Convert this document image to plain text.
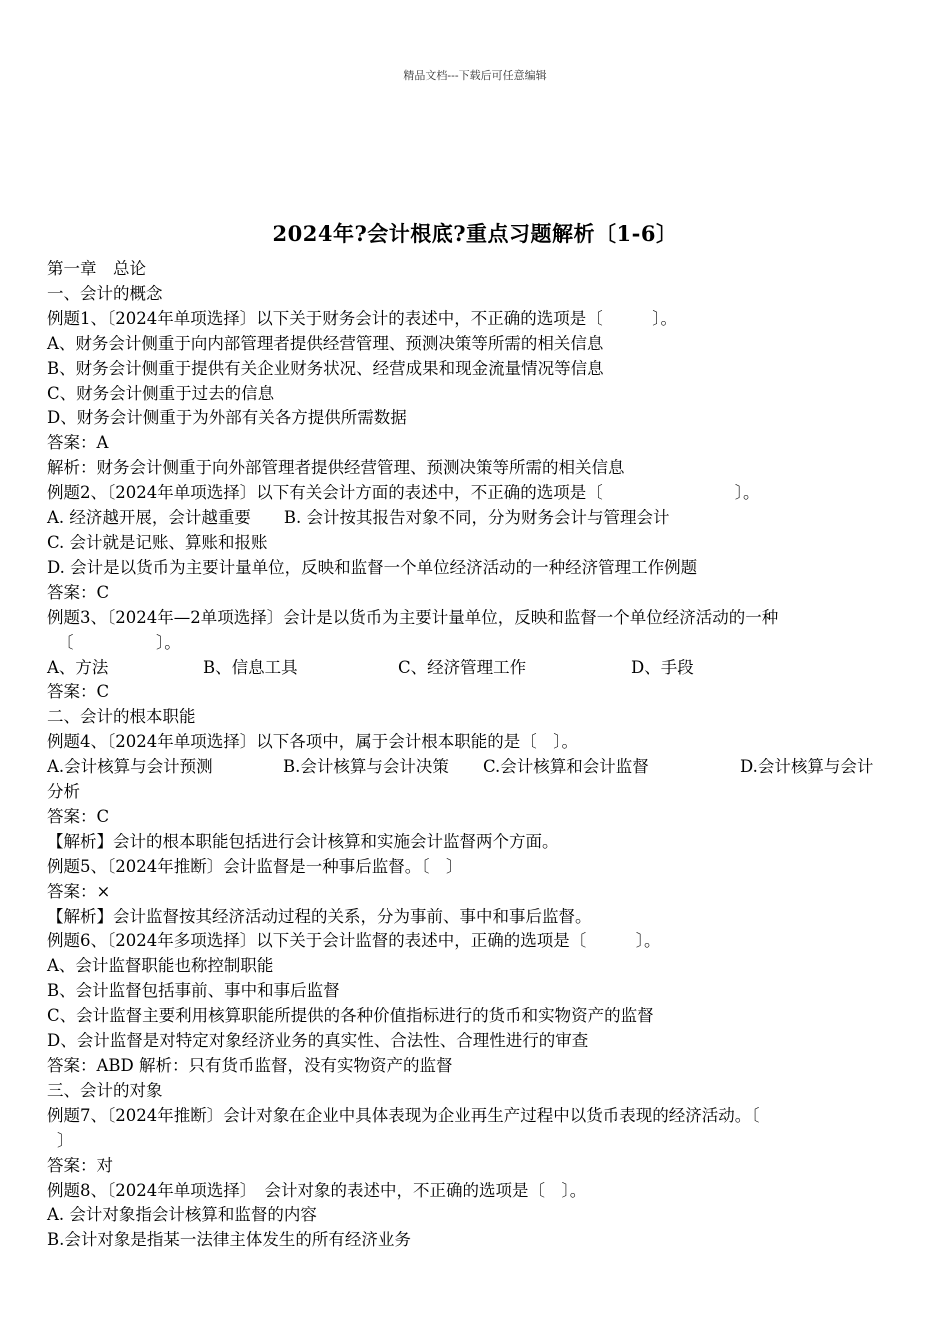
精品文档---下载后可任意编辑
2024年?会计根底?重点习题解析〔1-6〕
第一章　总论
一、会计的概念
例题1、〔2024年单项选择〕以下关于财务会计的表述中，不正确的选项是〔　　　〕。
A、财务会计侧重于向内部管理者提供经营管理、预测决策等所需的相关信息
B、财务会计侧重于提供有关企业财务状况、经营成果和现金流量情况等信息
C、财务会计侧重于过去的信息
D、财务会计侧重于为外部有关各方提供所需数据
答案：A
解析：财务会计侧重于向外部管理者提供经营管理、预测决策等所需的相关信息
例题2、〔2024年单项选择〕以下有关会计方面的表述中，不正确的选项是〔　　　　　　　　〕。
A. 经济越开展，会计越重要　　B. 会计按其报告对象不同，分为财务会计与管理会计
C. 会计就是记账、算账和报账
D. 会计是以货币为主要计量单位，反映和监督一个单位经济活动的一种经济管理工作例题
答案：C
例题3、〔2024年—2单项选择〕会计是以货币为主要计量单位，反映和监督一个单位经济活动的一种
〔　　　　　〕。
A、方法	B、信息工具	C、经济管理工作	D、手段
答案：C
二、会计的根本职能
例题4、〔2024年单项选择〕以下各项中，属于会计根本职能的是〔　〕。
A.会计核算与会计预测	B.会计核算与会计决策	C.会计核算和会计监督	D.会计核算与会计
分析
答案：C
【解析】会计的根本职能包括进行会计核算和实施会计监督两个方面。
例题5、〔2024年推断〕会计监督是一种事后监督。〔　〕
答案：×
【解析】会计监督按其经济活动过程的关系，分为事前、事中和事后监督。
例题6、〔2024年多项选择〕以下关于会计监督的表述中，正确的选项是〔　　　〕。
A、会计监督职能也称控制职能
B、会计监督包括事前、事中和事后监督
C、会计监督主要利用核算职能所提供的各种价值指标进行的货币和实物资产的监督
D、会计监督是对特定对象经济业务的真实性、合法性、合理性进行的审查
答案：ABD 解析：只有货币监督，没有实物资产的监督
三、会计的对象
例题7、〔2024年推断〕会计对象在企业中具体表现为企业再生产过程中以货币表现的经济活动。〔
〕
答案：对
例题8、〔2024年单项选择〕　会计对象的表述中，不正确的选项是〔　〕。
A. 会计对象指会计核算和监督的内容
B.会计对象是指某一法律主体发生的所有经济业务
